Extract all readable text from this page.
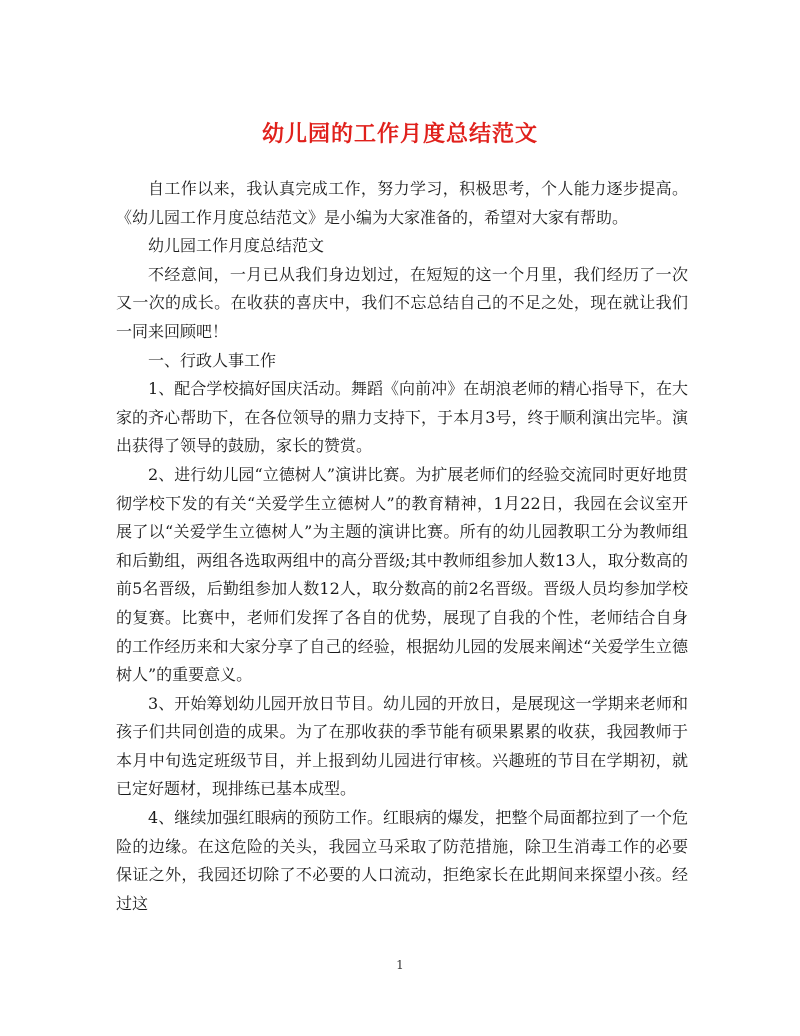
幼儿园的工作月度总结范文

自工作以来，我认真完成工作，努力学习，积极思考，个人能力逐步提高。《幼儿园工作月度总结范文》是小编为大家准备的，希望对大家有帮助。

幼儿园工作月度总结范文

不经意间，一月已从我们身边划过，在短短的这一个月里，我们经历了一次又一次的成长。在收获的喜庆中，我们不忘总结自己的不足之处，现在就让我们一同来回顾吧！

一、行政人事工作

1、配合学校搞好国庆活动。舞蹈《向前冲》在胡浪老师的精心指导下，在大家的齐心帮助下，在各位领导的鼎力支持下，于本月3号，终于顺利演出完毕。演出获得了领导的鼓励，家长的赞赏。

2、进行幼儿园“立德树人”演讲比赛。为扩展老师们的经验交流同时更好地贯彻学校下发的有关“关爱学生立德树人”的教育精神，1月22日，我园在会议室开展了以“关爱学生立德树人”为主题的演讲比赛。所有的幼儿园教职工分为教师组和后勤组，两组各选取两组中的高分晋级;其中教师组参加人数13人，取分数高的前5名晋级，后勤组参加人数12人，取分数高的前2名晋级。晋级人员均参加学校的复赛。比赛中，老师们发挥了各自的优势，展现了自我的个性，老师结合自身的工作经历来和大家分享了自己的经验，根据幼儿园的发展来阐述“关爱学生立德树人”的重要意义。

3、开始筹划幼儿园开放日节目。幼儿园的开放日，是展现这一学期来老师和孩子们共同创造的成果。为了在那收获的季节能有硕果累累的收获，我园教师于本月中旬选定班级节目，并上报到幼儿园进行审核。兴趣班的节目在学期初，就已定好题材，现排练已基本成型。

4、继续加强红眼病的预防工作。红眼病的爆发，把整个局面都拉到了一个危险的边缘。在这危险的关头，我园立马采取了防范措施，除卫生消毒工作的必要保证之外，我园还切除了不必要的人口流动，拒绝家长在此期间来探望小孩。经过这

1
